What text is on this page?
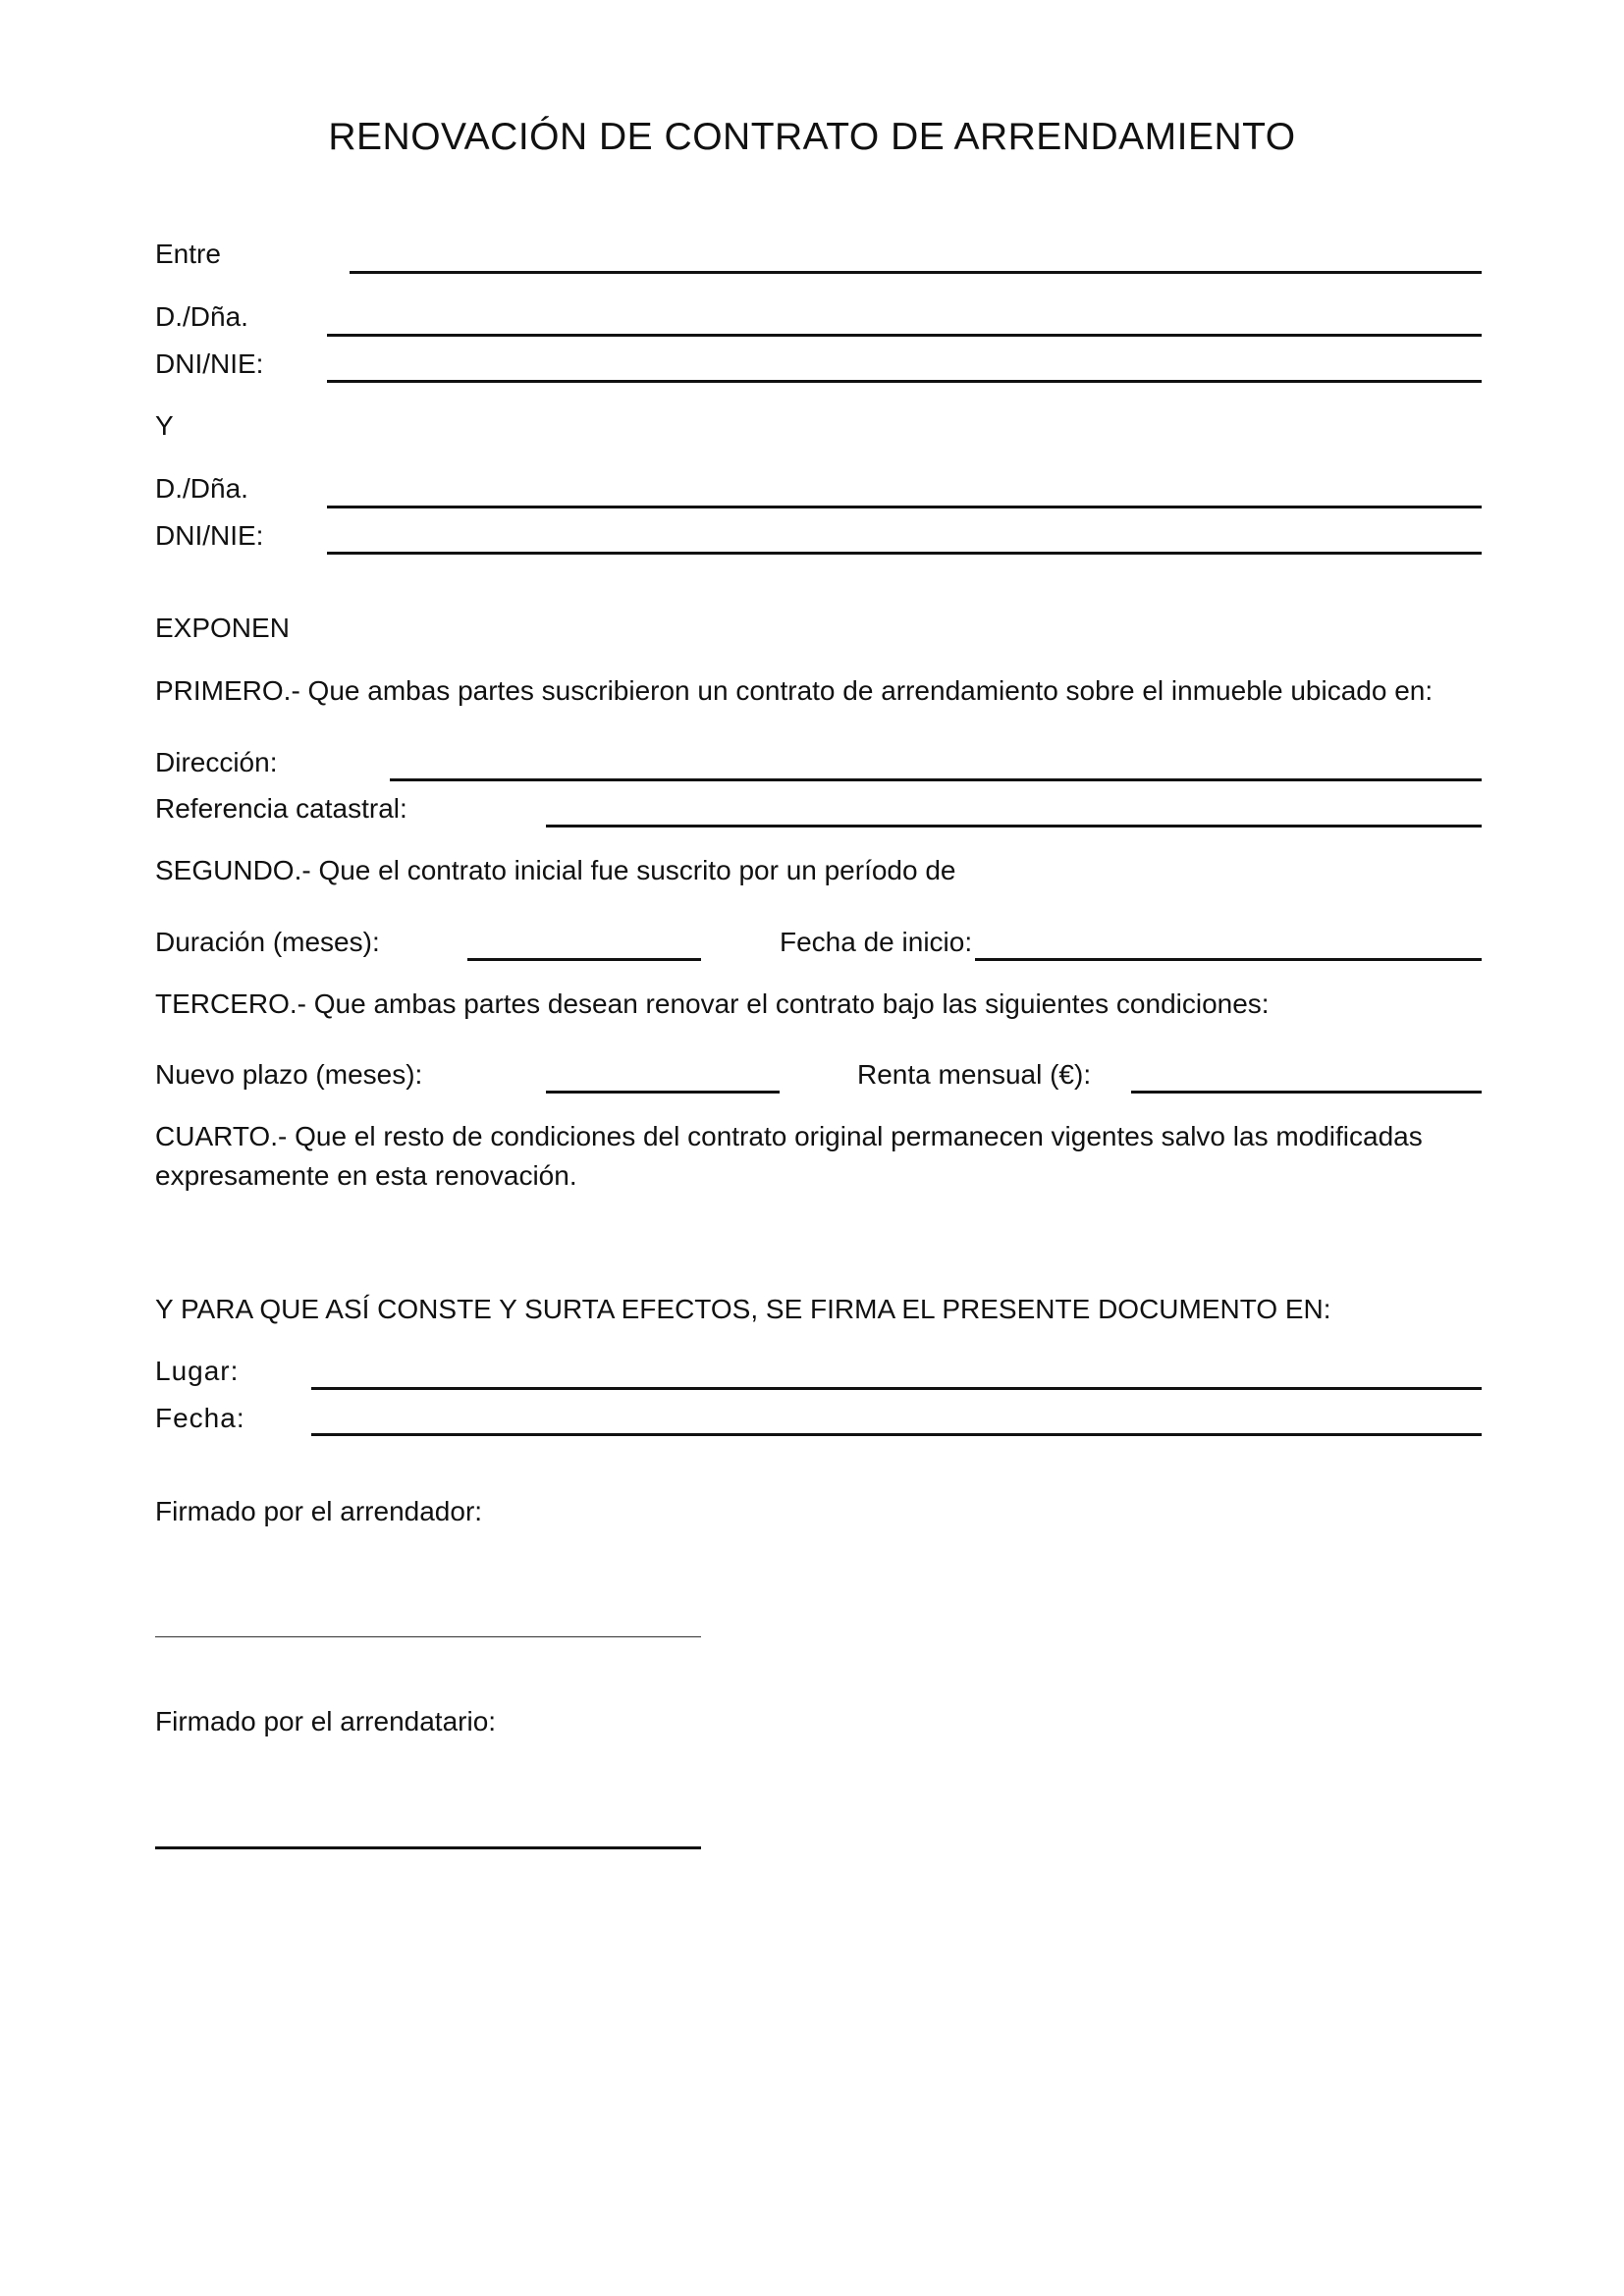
RENOVACIÓN DE CONTRATO DE ARRENDAMIENTO
Entre
D./Dña.
DNI/NIE:
Y
D./Dña.
DNI/NIE:
EXPONEN
PRIMERO.- Que ambas partes suscribieron un contrato de arrendamiento sobre el inmueble ubicado en:
Dirección:
Referencia catastral:
SEGUNDO.- Que el contrato inicial fue suscrito por un período de
Duración (meses):	Fecha de inicio:
TERCERO.- Que ambas partes desean renovar el contrato bajo las siguientes condiciones:
Nuevo plazo (meses):	Renta mensual (€):
CUARTO.- Que el resto de condiciones del contrato original permanecen vigentes salvo las modificadas expresamente en esta renovación.
Y PARA QUE ASÍ CONSTE Y SURTA EFECTOS, SE FIRMA EL PRESENTE DOCUMENTO EN:
Lugar:
Fecha:
Firmado por el arrendador:
Firmado por el arrendatario:
